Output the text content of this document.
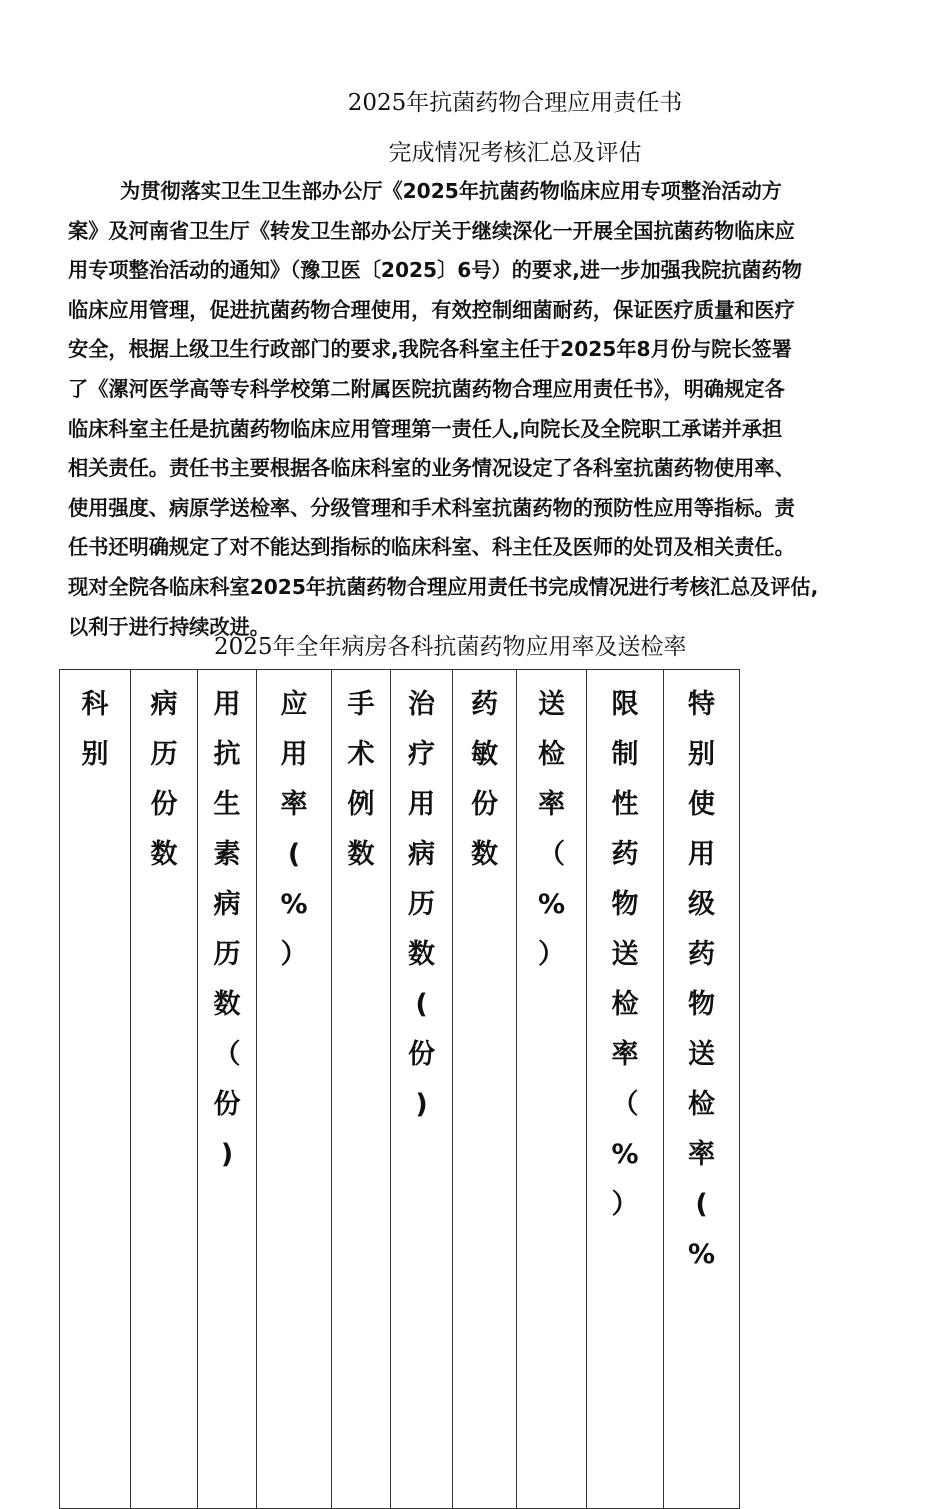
2025年抗菌药物合理应用责任书
完成情况考核汇总及评估
为贯彻落实卫生卫生部办公厅《2025年抗菌药物临床应用专项整治活动方
案》及河南省卫生厅《转发卫生部办公厅关于继续深化一开展全国抗菌药物临床应
用专项整治活动的通知》（豫卫医〔2025〕6号）的要求,进一步加强我院抗菌药物
临床应用管理，促进抗菌药物合理使用，有效控制细菌耐药，保证医疗质量和医疗
安全，根据上级卫生行政部门的要求,我院各科室主任于2025年8月份与院长签署
了《漯河医学高等专科学校第二附属医院抗菌药物合理应用责任书》，明确规定各
临床科室主任是抗菌药物临床应用管理第一责任人,向院长及全院职工承诺并承担
相关责任。责任书主要根据各临床科室的业务情况设定了各科室抗菌药物使用率、
使用强度、病原学送检率、分级管理和手术科室抗菌药物的预防性应用等指标。责
任书还明确规定了对不能达到指标的临床科室、科主任及医师的处罚及相关责任。
现对全院各临床科室2025年抗菌药物合理应用责任书完成情况进行考核汇总及评估,
以利于进行持续改进。
2025年全年病房各科抗菌药物应用率及送检率
科别	病历份数	用抗生素病历数（份)	应用率(%）	手术例数	治疗用病历数(份)	药敏份数	送检率（%）	限制性药物送检率（%）	特别使用级药物送检率(%
